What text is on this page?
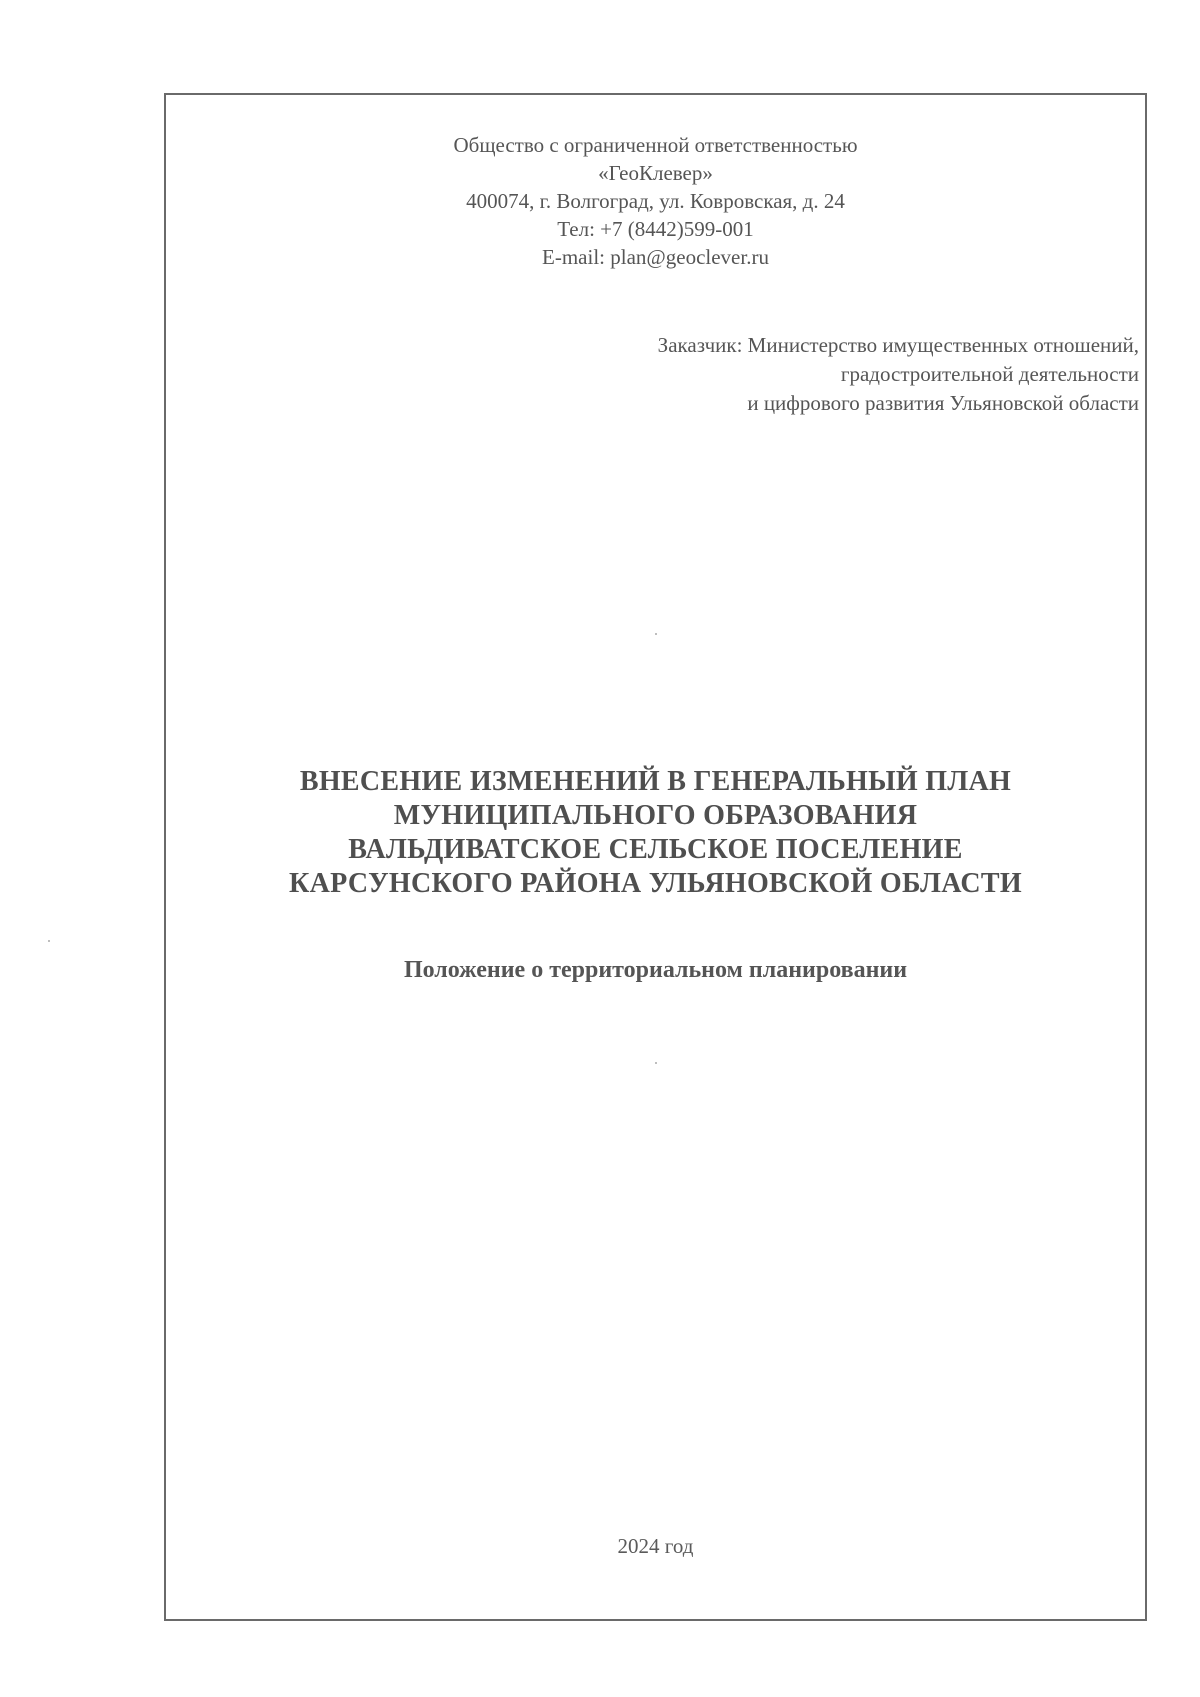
Общество с ограниченной ответственностью
«ГеоКлевер»
400074, г. Волгоград, ул. Ковровская, д. 24
Тел: +7 (8442)599-001
E-mail: plan@geoclever.ru
Заказчик: Министерство имущественных отношений,
градостроительной деятельности
и цифрового развития Ульяновской области
ВНЕСЕНИЕ ИЗМЕНЕНИЙ В ГЕНЕРАЛЬНЫЙ ПЛАН
МУНИЦИПАЛЬНОГО ОБРАЗОВАНИЯ
ВАЛЬДИВАТСКОЕ СЕЛЬСКОЕ ПОСЕЛЕНИЕ
КАРСУНСКОГО РАЙОНА УЛЬЯНОВСКОЙ ОБЛАСТИ
Положение о территориальном планировании
2024 год
